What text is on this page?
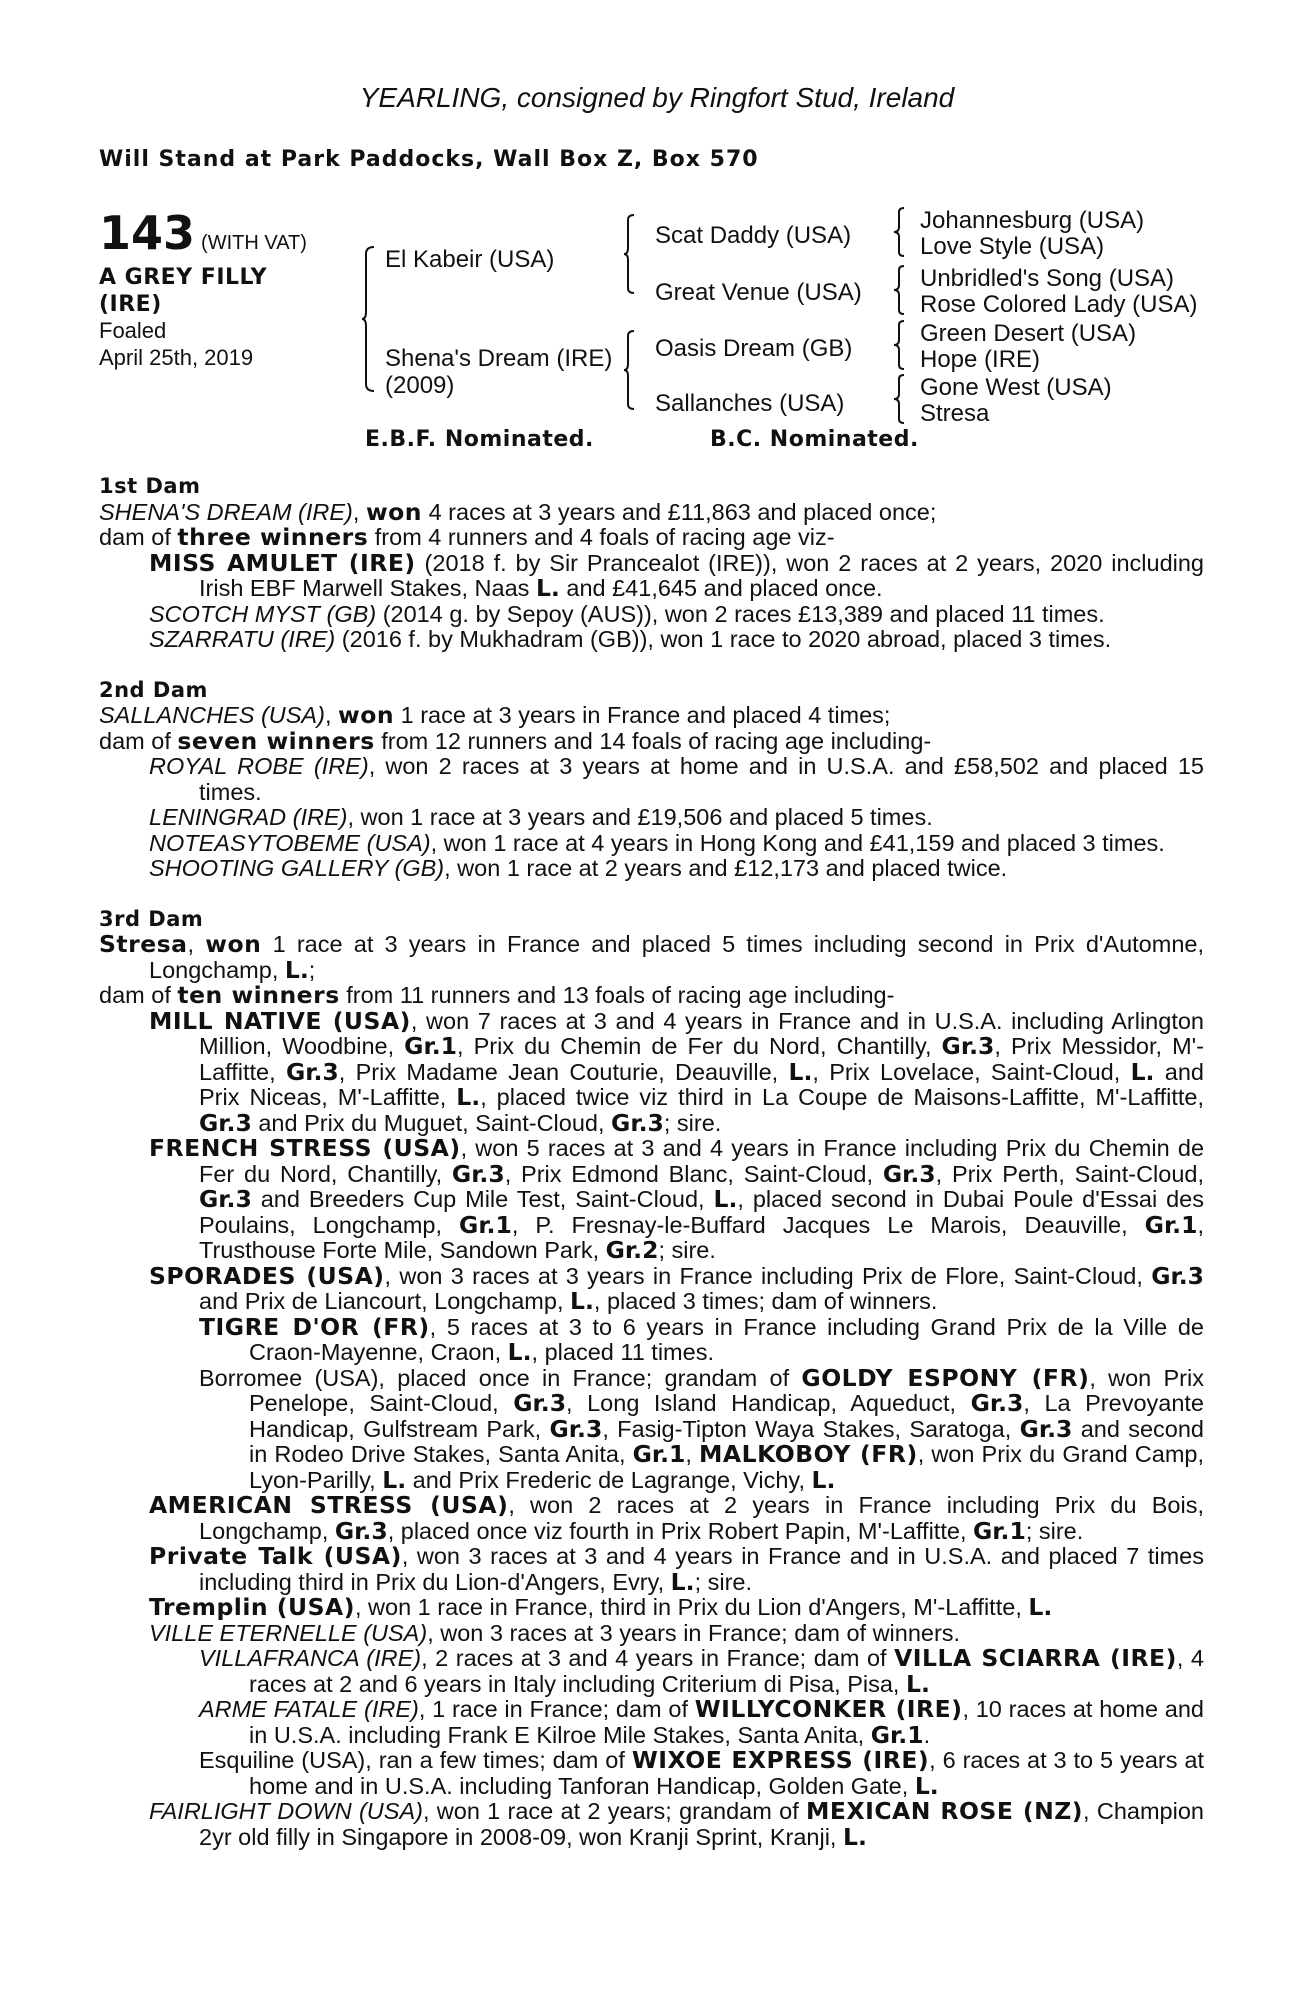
YEARLING, consigned by Ringfort Stud, Ireland
Will Stand at Park Paddocks, Wall Box Z, Box 570
143 (WITH VAT)
A GREY FILLY
(IRE)
Foaled
April 25th, 2019
El Kabeir (USA)
Shena's Dream (IRE)
(2009)
Scat Daddy (USA)
Great Venue (USA)
Oasis Dream (GB)
Sallanches (USA)
Johannesburg (USA)
Love Style (USA)
Unbridled's Song (USA)
Rose Colored Lady (USA)
Green Desert (USA)
Hope (IRE)
Gone West (USA)
Stresa
E.B.F. Nominated.	B.C. Nominated.
1st Dam
SHENA'S DREAM (IRE), won 4 races at 3 years and £11,863 and placed once;
dam of three winners from 4 runners and 4 foals of racing age viz-
MISS AMULET (IRE) (2018 f. by Sir Prancealot (IRE)), won 2 races at 2 years, 2020 including Irish EBF Marwell Stakes, Naas L. and £41,645 and placed once.
SCOTCH MYST (GB) (2014 g. by Sepoy (AUS)), won 2 races £13,389 and placed 11 times.
SZARRATU (IRE) (2016 f. by Mukhadram (GB)), won 1 race to 2020 abroad, placed 3 times.
2nd Dam
SALLANCHES (USA), won 1 race at 3 years in France and placed 4 times;
dam of seven winners from 12 runners and 14 foals of racing age including-
ROYAL ROBE (IRE), won 2 races at 3 years at home and in U.S.A. and £58,502 and placed 15 times.
LENINGRAD (IRE), won 1 race at 3 years and £19,506 and placed 5 times.
NOTEASYTOBEME (USA), won 1 race at 4 years in Hong Kong and £41,159 and placed 3 times.
SHOOTING GALLERY (GB), won 1 race at 2 years and £12,173 and placed twice.
3rd Dam
Stresa, won 1 race at 3 years in France and placed 5 times including second in Prix d'Automne, Longchamp, L.;
dam of ten winners from 11 runners and 13 foals of racing age including-
MILL NATIVE (USA), won 7 races at 3 and 4 years in France and in U.S.A. including Arlington Million, Woodbine, Gr.1, Prix du Chemin de Fer du Nord, Chantilly, Gr.3, Prix Messidor, M'-Laffitte, Gr.3, Prix Madame Jean Couturie, Deauville, L., Prix Lovelace, Saint-Cloud, L. and Prix Niceas, M'-Laffitte, L., placed twice viz third in La Coupe de Maisons-Laffitte, M'-Laffitte, Gr.3 and Prix du Muguet, Saint-Cloud, Gr.3; sire.
FRENCH STRESS (USA), won 5 races at 3 and 4 years in France including Prix du Chemin de Fer du Nord, Chantilly, Gr.3, Prix Edmond Blanc, Saint-Cloud, Gr.3, Prix Perth, Saint-Cloud, Gr.3 and Breeders Cup Mile Test, Saint-Cloud, L., placed second in Dubai Poule d'Essai des Poulains, Longchamp, Gr.1, P. Fresnay-le-Buffard Jacques Le Marois, Deauville, Gr.1, Trusthouse Forte Mile, Sandown Park, Gr.2; sire.
SPORADES (USA), won 3 races at 3 years in France including Prix de Flore, Saint-Cloud, Gr.3 and Prix de Liancourt, Longchamp, L., placed 3 times; dam of winners.
TIGRE D'OR (FR), 5 races at 3 to 6 years in France including Grand Prix de la Ville de Craon-Mayenne, Craon, L., placed 11 times.
Borromee (USA), placed once in France; grandam of GOLDY ESPONY (FR), won Prix Penelope, Saint-Cloud, Gr.3, Long Island Handicap, Aqueduct, Gr.3, La Prevoyante Handicap, Gulfstream Park, Gr.3, Fasig-Tipton Waya Stakes, Saratoga, Gr.3 and second in Rodeo Drive Stakes, Santa Anita, Gr.1, MALKOBOY (FR), won Prix du Grand Camp, Lyon-Parilly, L. and Prix Frederic de Lagrange, Vichy, L.
AMERICAN STRESS (USA), won 2 races at 2 years in France including Prix du Bois, Longchamp, Gr.3, placed once viz fourth in Prix Robert Papin, M'-Laffitte, Gr.1; sire.
Private Talk (USA), won 3 races at 3 and 4 years in France and in U.S.A. and placed 7 times including third in Prix du Lion-d'Angers, Evry, L.; sire.
Tremplin (USA), won 1 race in France, third in Prix du Lion d'Angers, M'-Laffitte, L.
VILLE ETERNELLE (USA), won 3 races at 3 years in France; dam of winners.
VILLAFRANCA (IRE), 2 races at 3 and 4 years in France; dam of VILLA SCIARRA (IRE), 4 races at 2 and 6 years in Italy including Criterium di Pisa, Pisa, L.
ARME FATALE (IRE), 1 race in France; dam of WILLYCONKER (IRE), 10 races at home and in U.S.A. including Frank E Kilroe Mile Stakes, Santa Anita, Gr.1.
Esquiline (USA), ran a few times; dam of WIXOE EXPRESS (IRE), 6 races at 3 to 5 years at home and in U.S.A. including Tanforan Handicap, Golden Gate, L.
FAIRLIGHT DOWN (USA), won 1 race at 2 years; grandam of MEXICAN ROSE (NZ), Champion 2yr old filly in Singapore in 2008-09, won Kranji Sprint, Kranji, L.
